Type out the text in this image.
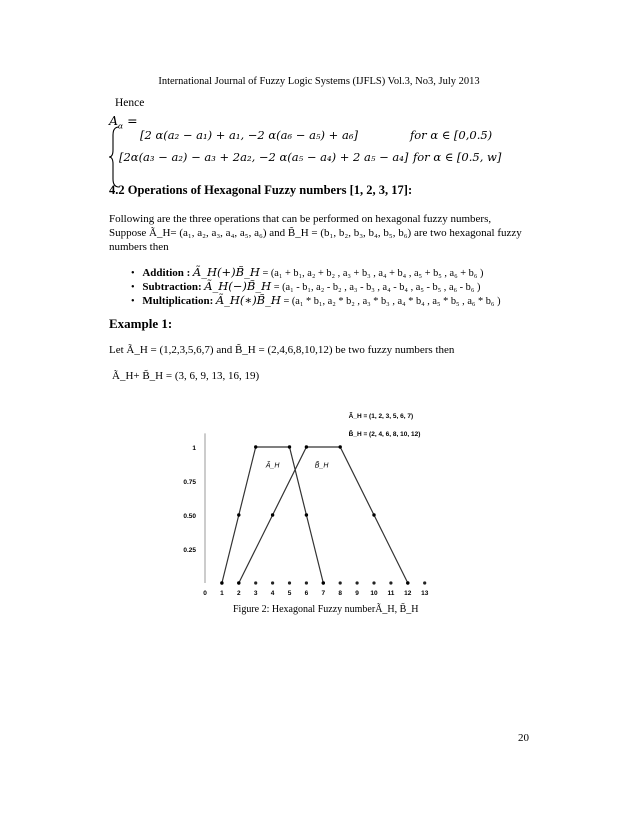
International Journal of Fuzzy Logic Systems (IJFLS) Vol.3, No3, July 2013
Hence
$A_\alpha$ =
[2 α(a₂ − a₁) + a₁, −2 α(a₆ − a₅) + a₆]	for α ∈ [0,0.5)
[2α(a₃ − a₂) − a₃ + 2a₂, −2 α(a₅ − a₄) + 2 a₅ − a₄] for α ∈ [0.5, w]
4.2 Operations of Hexagonal Fuzzy numbers [1, 2, 3, 17]:
Following are the three operations that can be performed on hexagonal fuzzy numbers, Suppose Ã_H= (a₁, a₂, a₃, a₄, a₅, a₆) and B̃_H = (b₁, b₂, b₃, b₄, b₅, b₆) are two hexagonal fuzzy numbers then
• Addition : Ã_H(+)B̃_H = (a₁ + b₁, a₂ + b₂ , a₃ + b₃ , a₄ + b₄ , a₅ + b₅ , a₆ + b₆ )
• Subtraction: Ã_H(−)B̃_H = (a₁ - b₁, a₂ - b₂ , a₃ - b₃ , a₄ - b₄ , a₅ - b₅ , a₆ - b₆ )
• Multiplication: Ã_H(∗)B̃_H = (a₁ * b₁, a₂ * b₂ , a₃ * b₃ , a₄ * b₄ , a₅ * b₅ , a₆ * b₆ )
Example 1:
Let Ã_H = (1,2,3,5,6,7) and B̃_H = (2,4,6,8,10,12) be two fuzzy numbers then
Ã_H+ B̃_H = (3, 6, 9, 13, 16, 19)
0.25
0.50
0.75
1
0 1 2 3 4 5 6 7 8 9 10 11 12 13
Ã_H	B̃_H
Ã_H = (1, 2, 3, 5, 6, 7)
B̃_H = (2, 4, 6, 8, 10, 12)
Figure 2: Hexagonal Fuzzy numberÃ_H, B̃_H
20
